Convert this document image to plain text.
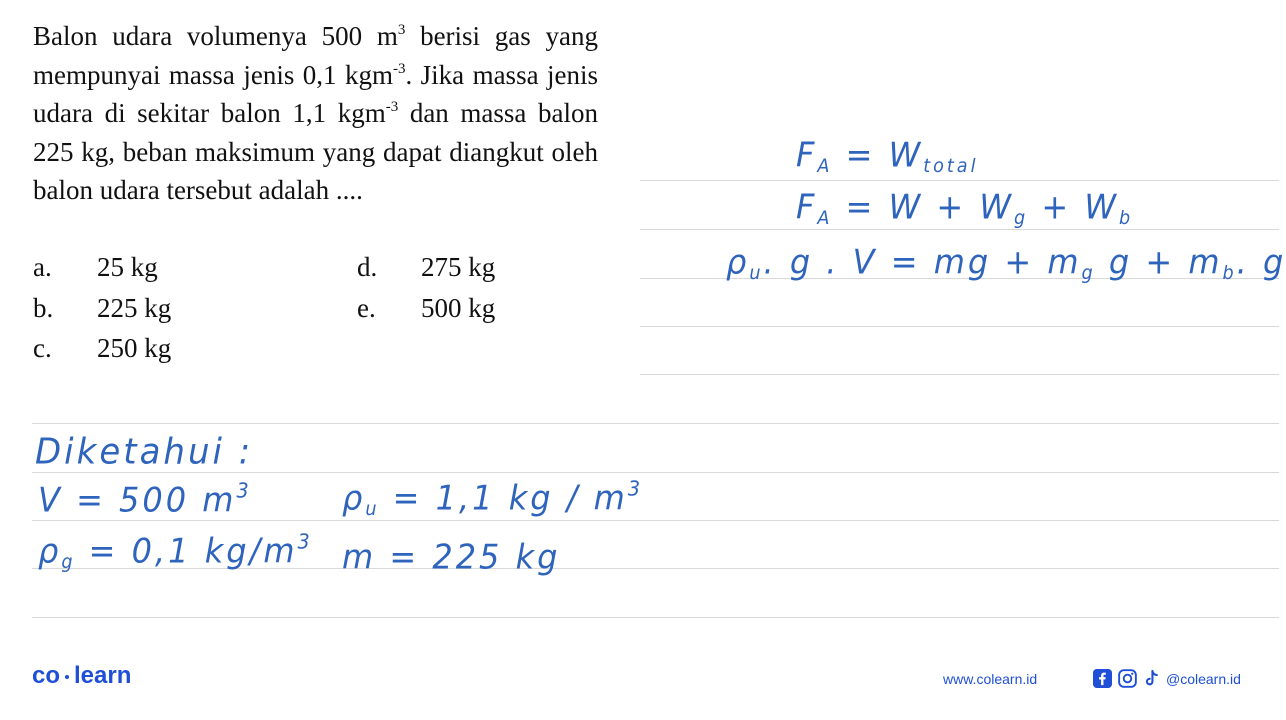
Balon udara volumenya 500 $m^3$ berisi gas yang mempunyai massa jenis 0,1 kgm$^{-3}$. Jika massa jenis udara di sekitar balon 1,1 kgm$^{-3}$ dan massa balon 225 kg, beban maksimum yang dapat diangkut oleh balon udara tersebut adalah ....

a. 25 kg
b. 225 kg
c. 250 kg
d. 275 kg
e. 500 kg
$F_A = W_{total}$
$F_A = W + W_g + W_b$
$\rho_u$. g . V = mg + $m_g$ $g + m_b$. g
Diketahui :
V = 500 $m^3$	$\rho_u = 1,1$ kg / $m^3$
$\rho_g = 0,1$ $kg/m^3$ m = 225 kg
co learn	www.colearn.id	@colearn.id
